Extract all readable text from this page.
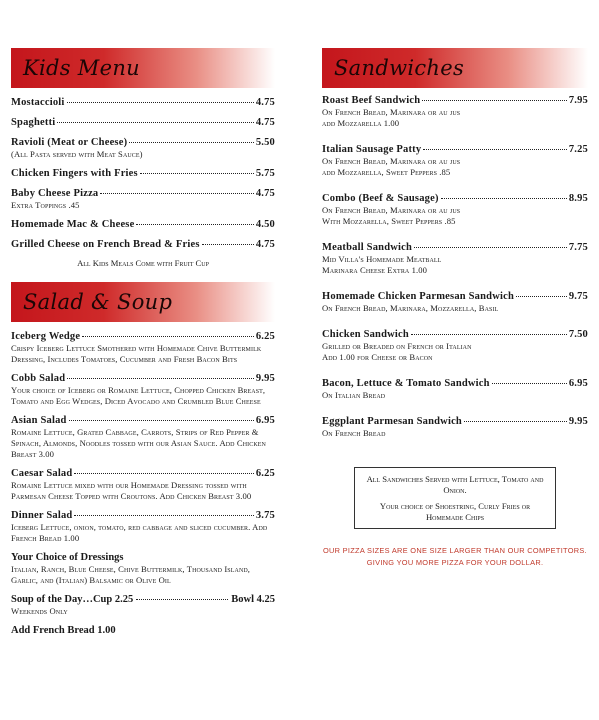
Kids Menu
Mostaccioli	4.75
Spaghetti	4.75
Ravioli (Meat or Cheese)	5.50
(All Pasta served with Meat Sauce)
Chicken Fingers with Fries	5.75
Baby Cheese Pizza	4.75
Extra Toppings .45
Homemade Mac & Cheese	4.50
Grilled Cheese on French Bread & Fries	4.75
All Kids Meals Come with Fruit Cup
Salad & Soup
Iceberg Wedge	6.25
Crispy Iceberg Lettuce Smothered with Homemade Chive Buttermilk Dressing, Includes Tomatoes, Cucumber and Fresh Bacon Bits
Cobb Salad	9.95
Your choice of Iceberg or Romaine Lettuce, Chopped Chicken Breast, Tomato and Egg Wedges, Diced Avocado and Crumbled Blue Cheese
Asian Salad	6.95
Romaine Lettuce, Grated Cabbage, Carrots, Strips of Red Pepper & Spinach, Almonds, Noodles tossed with our Asian Sauce. Add Chicken Breast 3.00
Caesar Salad	6.25
Romaine Lettuce mixed with our Homemade Dressing tossed with Parmesan Cheese Topped with Croutons. Add Chicken Breast 3.00
Dinner Salad	3.75
Iceberg Lettuce, onion, tomato, red cabbage and sliced cucumber. Add French Bread 1.00
Your Choice of Dressings
Italian, Ranch, Blue Cheese, Chive Buttermilk, Thousand Island, Garlic, and (Italian) Balsamic or Olive Oil
Soup of the Day…Cup 2.25	Bowl 4.25
Weekends Only
Add French Bread 1.00
Sandwiches
Roast Beef Sandwich	7.95
On French Bread, Marinara or au jus
add Mozzarella 1.00
Italian Sausage Patty	7.25
On French Bread, Marinara or au jus
add Mozzarella, Sweet Peppers .85
Combo (Beef & Sausage)	8.95
On French Bread, Marinara or au jus
With Mozzarella, Sweet Peppers .85
Meatball Sandwich	7.75
Mid Villa's Homemade Meatball
Marinara Cheese Extra 1.00
Homemade Chicken Parmesan Sandwich	9.75
On French Bread, Marinara, Mozzarella, Basil
Chicken Sandwich	7.50
Grilled or Breaded on French or Italian
Add 1.00 for Cheese or Bacon
Bacon, Lettuce & Tomato Sandwich	6.95
On Italian Bread
Eggplant Parmesan Sandwich	9.95
On French Bread

All Sandwiches Served with Lettuce, Tomato and Onion.

Your choice of Shoestring, Curly Fries or Homemade Chips

OUR PIZZA SIZES ARE ONE SIZE LARGER THAN OUR COMPETITORS.
GIVING YOU MORE PIZZA FOR YOUR DOLLAR.
